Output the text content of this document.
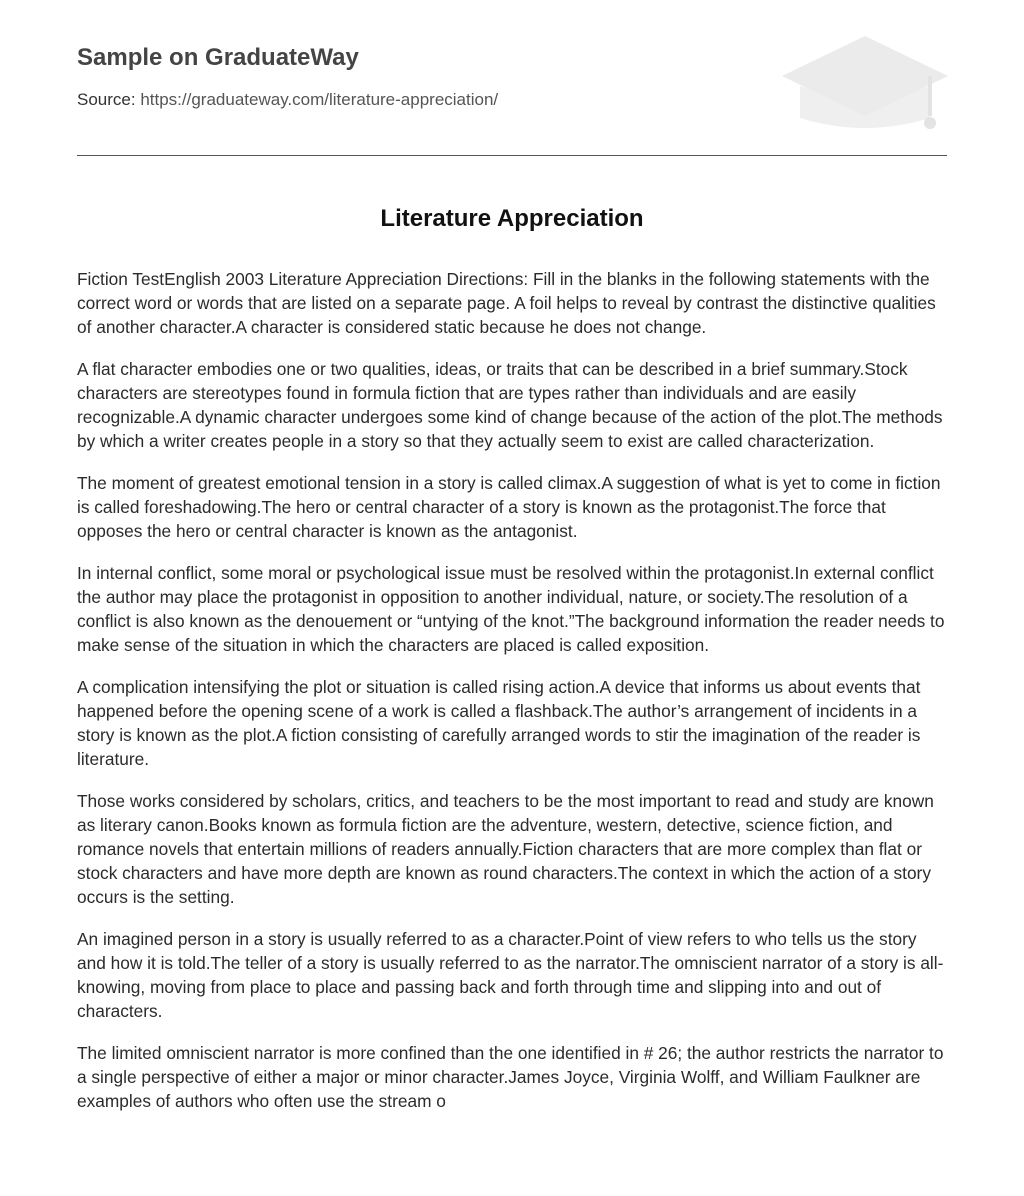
Sample on GraduateWay
Source: https://graduateway.com/literature-appreciation/
Literature Appreciation

Fiction TestEnglish 2003 Literature Appreciation Directions: Fill in the blanks in the following statements with the correct word or words that are listed on a separate page. A foil helps to reveal by contrast the distinctive qualities of another character.A character is considered static because he does not change.

A flat character embodies one or two qualities, ideas, or traits that can be described in a brief summary.Stock characters are stereotypes found in formula fiction that are types rather than individuals and are easily recognizable.A dynamic character undergoes some kind of change because of the action of the plot.The methods by which a writer creates people in a story so that they actually seem to exist are called characterization.

The moment of greatest emotional tension in a story is called climax.A suggestion of what is yet to come in fiction is called foreshadowing.The hero or central character of a story is known as the protagonist.The force that opposes the hero or central character is known as the antagonist.

In internal conflict, some moral or psychological issue must be resolved within the protagonist.In external conflict the author may place the protagonist in opposition to another individual, nature, or society.The resolution of a conflict is also known as the denouement or “untying of the knot.”The background information the reader needs to make sense of the situation in which the characters are placed is called exposition.

A complication intensifying the plot or situation is called rising action.A device that informs us about events that happened before the opening scene of a work is called a flashback.The author’s arrangement of incidents in a story is known as the plot.A fiction consisting of carefully arranged words to stir the imagination of the reader is literature.

Those works considered by scholars, critics, and teachers to be the most important to read and study are known as literary canon.Books known as formula fiction are the adventure, western, detective, science fiction, and romance novels that entertain millions of readers annually.Fiction characters that are more complex than flat or stock characters and have more depth are known as round characters.The context in which the action of a story occurs is the setting.

An imagined person in a story is usually referred to as a character.Point of view refers to who tells us the story and how it is told.The teller of a story is usually referred to as the narrator.The omniscient narrator of a story is all-knowing, moving from place to place and passing back and forth through time and slipping into and out of characters.

The limited omniscient narrator is more confined than the one identified in # 26; the author restricts the narrator to a single perspective of either a major or minor character.James Joyce, Virginia Wolff, and William Faulkner are examples of authors who often use the stream o
